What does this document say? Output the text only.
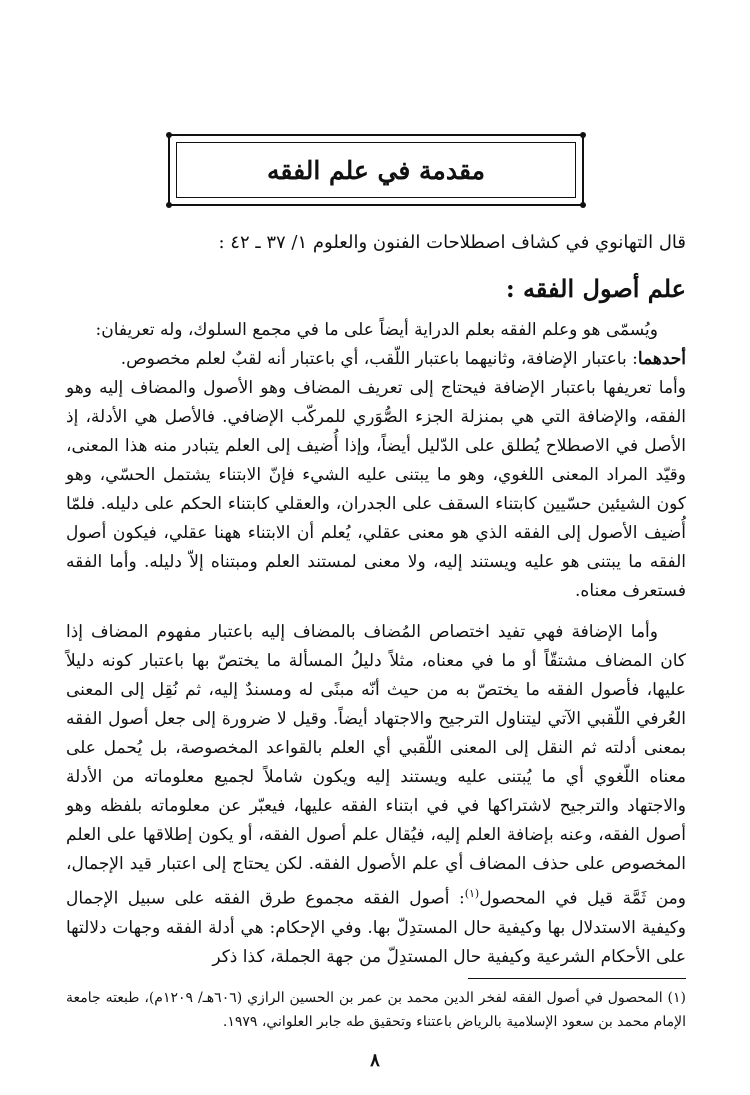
مقدمة في علم الفقه
قال التهانوي في كشاف اصطلاحات الفنون والعلوم ١/ ٣٧ ـ ٤٢ :
علم أصول الفقه :

ويُسمّى هو وعلم الفقه بعلم الدراية أيضاً على ما في مجمع السلوك، وله تعريفان:

أحدهما: باعتبار الإضافة، وثانيهما باعتبار اللّقب، أي باعتبار أنه لقبٌ لعلم مخصوص.

وأما تعريفها باعتبار الإضافة فيحتاج إلى تعريف المضاف وهو الأصول والمضاف إليه وهو الفقه، والإضافة التي هي بمنزلة الجزء الصُّوَري للمركّب الإضافي. فالأصل هي الأدلة، إذ الأصل في الاصطلاح يُطلق على الدّليل أيضاً، وإذا أُضيف إلى العلم يتبادر منه هذا المعنى، وقيّد المراد المعنى اللغوي، وهو ما يبتنى عليه الشيء فإنّ الابتناء يشتمل الحسّي، وهو كون الشيئين حسّيين كابتناء السقف على الجدران، والعقلي كابتناء الحكم على دليله. فلمّا أُضيف الأصول إلى الفقه الذي هو معنى عقلي، يُعلم أن الابتناء ههنا عقلي، فيكون أصول الفقه ما يبتنى هو عليه ويستند إليه، ولا معنى لمستند العلم ومبتناه إلاّ دليله. وأما الفقه فستعرف معناه.

وأما الإضافة فهي تفيد اختصاص المُضاف بالمضاف إليه باعتبار مفهوم المضاف إذا كان المضاف مشتقّاً أو ما في معناه، مثلاً دليلُ المسألة ما يختصّ بها باعتبار كونه دليلاً عليها، فأصول الفقه ما يختصّ به من حيث أنّه مبنًى له ومسندٌ إليه، ثم نُقِل إلى المعنى العُرفي اللّقبي الآتي ليتناول الترجيح والاجتهاد أيضاً. وقيل لا ضرورة إلى جعل أصول الفقه بمعنى أدلته ثم النقل إلى المعنى اللّقبي أي العلم بالقواعد المخصوصة، بل يُحمل على معناه اللّغوي أي ما يُبتنى عليه ويستند إليه ويكون شاملاً لجميع معلوماته من الأدلة والاجتهاد والترجيح لاشتراكها في في ابتناء الفقه عليها، فيعبّر عن معلوماته بلفظه وهو أصول الفقه، وعنه بإضافة العلم إليه، فيُقال علم أصول الفقه، أو يكون إطلاقها على العلم المخصوص على حذف المضاف أي علم الأصول الفقه. لكن يحتاج إلى اعتبار قيد الإجمال، ومن ثَمَّة قيل في المحصول$^{(١)}$: أصول الفقه مجموع طرق الفقه على سبيل الإجمال وكيفية الاستدلال بها وكيفية حال المستدِلّ بها. وفي الإحكام: هي أدلة الفقه وجهات دلالتها على الأحكام الشرعية وكيفية حال المستدِلّ من جهة الجملة، كذا ذكر

(١) المحصول في أصول الفقه لفخر الدين محمد بن عمر بن الحسين الرازي (٦٠٦هـ/ ١٢٠٩م)، طبعته جامعة الإمام محمد بن سعود الإسلامية بالرياض باعتناء وتحقيق طه جابر العلواني، ١٩٧٩.

٨
